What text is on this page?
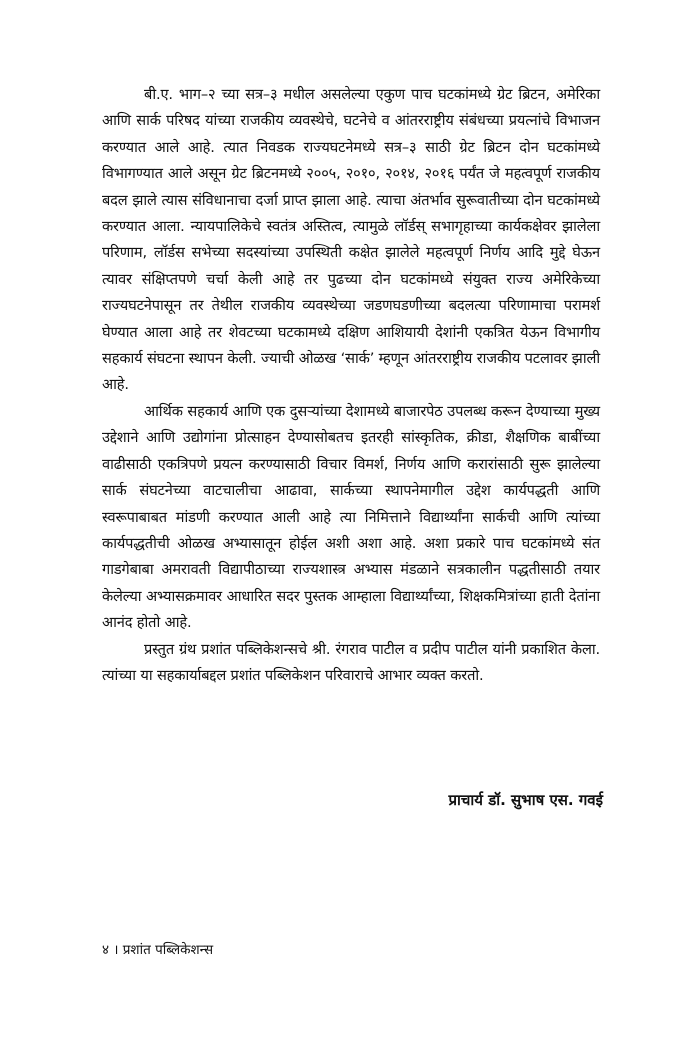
बी.ए. भाग–२ च्या सत्र–३ मधील असलेल्या एकुण पाच घटकांमध्ये ग्रेट ब्रिटन, अमेरिका आणि सार्क परिषद यांच्या राजकीय व्यवस्थेचे, घटनेचे व आंतरराष्ट्रीय संबंधच्या प्रयत्नांचे विभाजन करण्यात आले आहे. त्यात निवडक राज्यघटनेमध्ये सत्र–३ साठी ग्रेट ब्रिटन दोन घटकांमध्ये विभागण्यात आले असून ग्रेट ब्रिटनमध्ये २००५, २०१०, २०१४, २०१६ पर्यंत जे महत्वपूर्ण राजकीय बदल झाले त्यास संविधानाचा दर्जा प्राप्त झाला आहे. त्याचा अंतर्भाव सुरूवातीच्या दोन घटकांमध्ये करण्यात आला. न्यायपालिकेचे स्वतंत्र अस्तित्व, त्यामुळे लॉर्डस् सभागृहाच्या कार्यकक्षेवर झालेला परिणाम, लॉर्डस सभेच्या सदस्यांच्या उपस्थिती कक्षेत झालेले महत्वपूर्ण निर्णय आदि मुद्दे घेऊन त्यावर संक्षिप्तपणे चर्चा केली आहे तर पुढच्या दोन घटकांमध्ये संयुक्त राज्य अमेरिकेच्या राज्यघटनेपासून तर तेथील राजकीय व्यवस्थेच्या जडणघडणीच्या बदलत्या परिणामाचा परामर्श घेण्यात आला आहे तर शेवटच्या घटकामध्ये दक्षिण आशियायी देशांनी एकत्रित येऊन विभागीय सहकार्य संघटना स्थापन केली. ज्याची ओळख ‘सार्क’ म्हणून आंतरराष्ट्रीय राजकीय पटलावर झाली आहे.

आर्थिक सहकार्य आणि एक दुसऱ्यांच्या देशामध्ये बाजारपेठ उपलब्ध करून देण्याच्या मुख्य उद्देशाने आणि उद्योगांना प्रोत्साहन देण्यासोबतच इतरही सांस्कृतिक, क्रीडा, शैक्षणिक बाबींच्या वाढीसाठी एकत्रिपणे प्रयत्न करण्यासाठी विचार विमर्श, निर्णय आणि करारांसाठी सुरू झालेल्या सार्क संघटनेच्या वाटचालीचा आढावा, सार्कच्या स्थापनेमागील उद्देश कार्यपद्धती आणि स्वरूपाबाबत मांडणी करण्यात आली आहे त्या निमित्ताने विद्यार्थ्यांना सार्कची आणि त्यांच्या कार्यपद्धतीची ओळख अभ्यासातून होईल अशी अशा आहे. अशा प्रकारे पाच घटकांमध्ये संत गाडगेबाबा अमरावती विद्यापीठाच्या राज्यशास्त्र अभ्यास मंडळाने सत्रकालीन पद्धतीसाठी तयार केलेल्या अभ्यासक्रमावर आधारित सदर पुस्तक आम्हाला विद्यार्थ्यांच्या, शिक्षकमित्रांच्या हाती देतांना आनंद होतो आहे.

प्रस्तुत ग्रंथ प्रशांत पब्लिकेशन्सचे श्री. रंगराव पाटील व प्रदीप पाटील यांनी प्रकाशित केला. त्यांच्या या सहकार्याबद्दल प्रशांत पब्लिकेशन परिवाराचे आभार व्यक्त करतो.

प्राचार्य डॉ. सुभाष एस. गवई
४ । प्रशांत पब्लिकेशन्स
